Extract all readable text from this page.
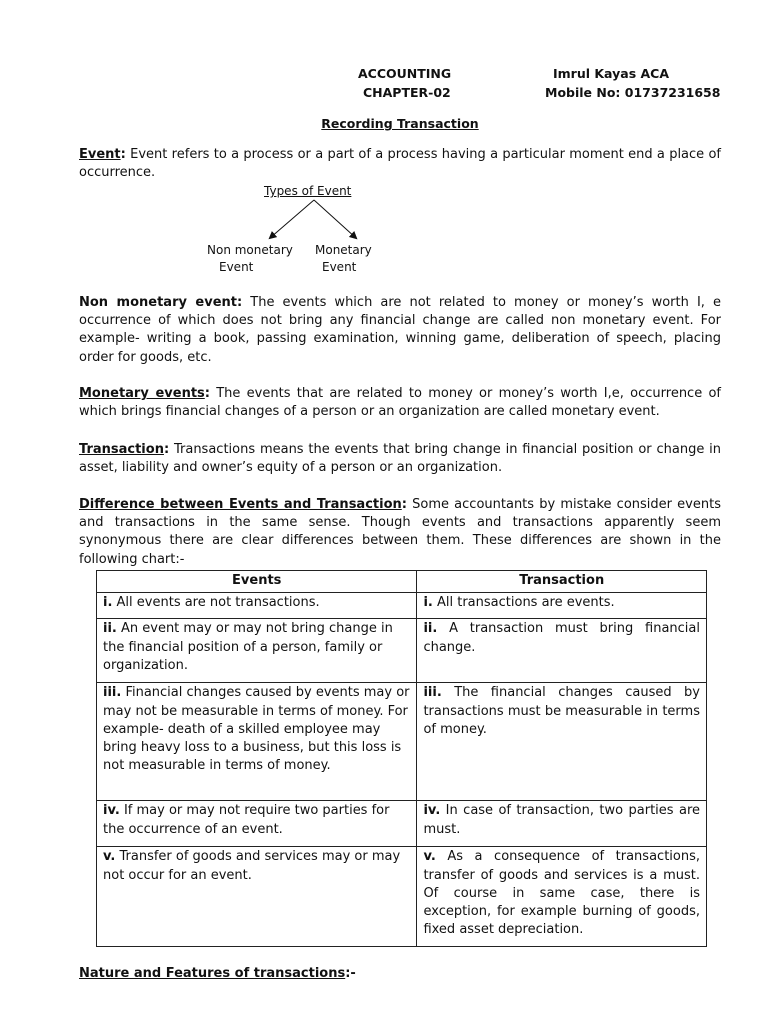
ACCOUNTING
CHAPTER-02
Imrul Kayas ACA
Mobile No: 01737231658
Recording Transaction
Event: Event refers to a process or a part of a process having a particular moment end a place of occurrence.
Types of Event
Non monetary
Event
Monetary
Event
Non monetary event: The events which are not related to money or money’s worth I, e occurrence of which does not bring any financial change are called non monetary event. For example- writing a book, passing examination, winning game, deliberation of speech, placing order for goods, etc.
Monetary events: The events that are related to money or money’s worth I,e, occurrence of which brings financial changes of a person or an organization are called monetary event.
Transaction: Transactions means the events that bring change in financial position or change in asset, liability and owner’s equity of a person or an organization.
Difference between Events and Transaction: Some accountants by mistake consider events and transactions in the same sense. Though events and transactions apparently seem synonymous there are clear differences between them. These differences are shown in the following chart:-
Events	Transaction
i. All events are not transactions.	i. All transactions are events.
ii. An event may or may not bring change in the financial position of a person, family or organization.	ii. A transaction must bring financial change.
iii. Financial changes caused by events may or may not be measurable in terms of money. For example- death of a skilled employee may bring heavy loss to a business, but this loss is not measurable in terms of money.	iii. The financial changes caused by transactions must be measurable in terms of money.
iv. If may or may not require two parties for the occurrence of an event.	iv. In case of transaction, two parties are must.
v. Transfer of goods and services may or may not occur for an event.	v. As a consequence of transactions, transfer of goods and services is a must. Of course in same case, there is exception, for example burning of goods, fixed asset depreciation.
Nature and Features of transactions:-
